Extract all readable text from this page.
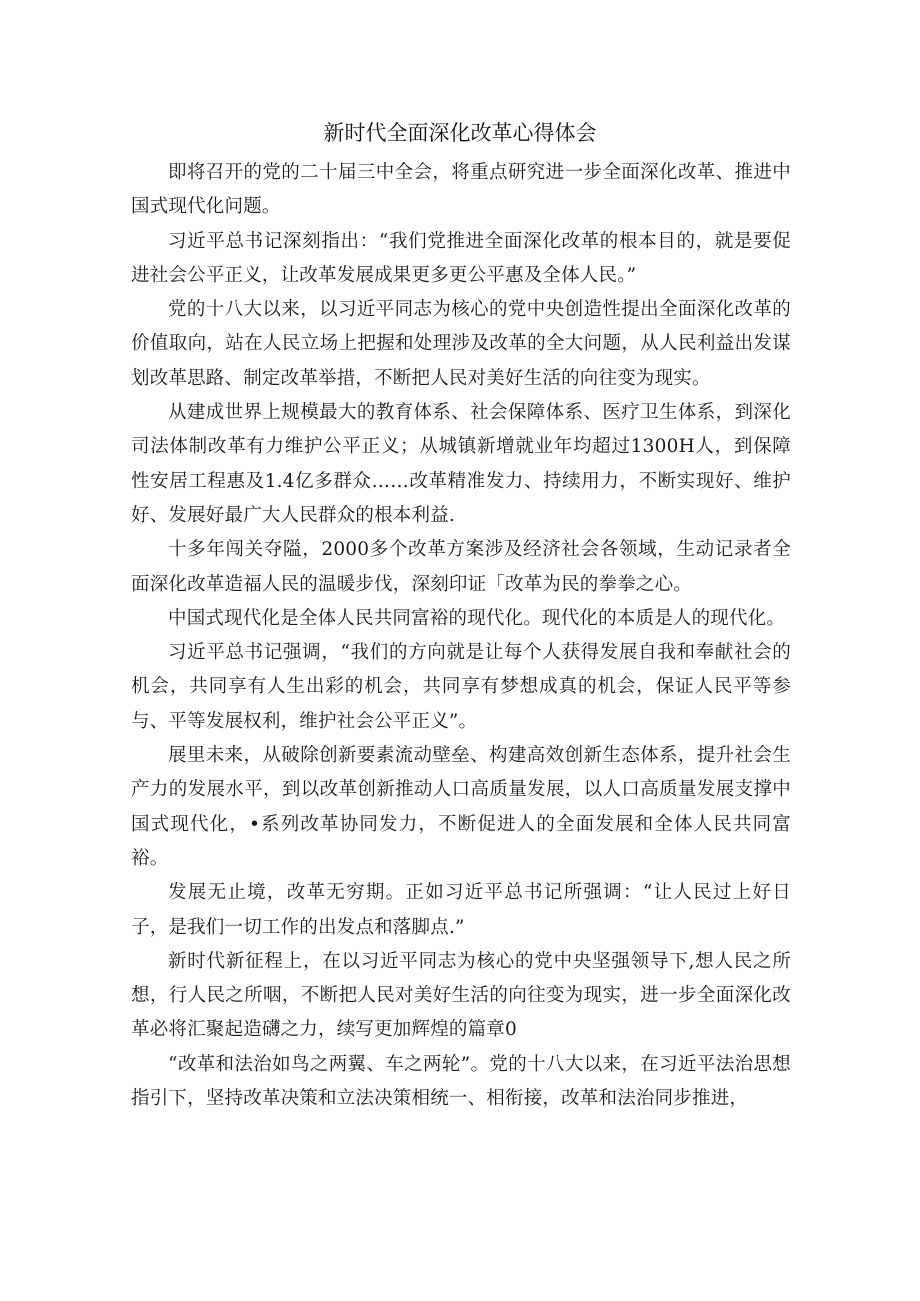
新时代全面深化改革心得体会

即将召开的党的二十届三中全会，将重点研究进一步全面深化改革、推进中国式现代化问题。

习近平总书记深刻指出：“我们党推进全面深化改革的根本目的，就是要促进社会公平正义，让改革发展成果更多更公平惠及全体人民。”

党的十八大以来，以习近平同志为核心的党中央创造性提出全面深化改革的价值取向，站在人民立场上把握和处理涉及改革的全大问题，从人民利益出发谋划改革思路、制定改革举措，不断把人民对美好生活的向往变为现实。

从建成世界上规模最大的教育体系、社会保障体系、医疗卫生体系，到深化司法体制改革有力维护公平正义；从城镇新增就业年均超过1300H人，到保障性安居工程惠及1.4亿多群众……改革精准发力、持续用力，不断实现好、维护好、发展好最广大人民群众的根本利益.

十多年闯关夺隘，2000多个改革方案涉及经济社会各领域，生动记录者全面深化改革造福人民的温暖步伐，深刻印证「改革为民的拳拳之心。

中国式现代化是全体人民共同富裕的现代化。现代化的本质是人的现代化。

习近平总书记强调，“我们的方向就是让每个人获得发展自我和奉献社会的机会，共同享有人生出彩的机会，共同享有梦想成真的机会，保证人民平等参与、平等发展权利，维护社会公平正义”。

展里未来，从破除创新要素流动壁垒、构建高效创新生态体系，提升社会生产力的发展水平，到以改革创新推动人口高质量发展，以人口高质量发展支撑中国式现代化，•系列改革协同发力，不断促进人的全面发展和全体人民共同富裕。

发展无止境，改革无穷期。正如习近平总书记所强调：“让人民过上好日子，是我们一切工作的出发点和落脚点.”

新时代新征程上，在以习近平同志为核心的党中央坚强领导下,想人民之所想，行人民之所咽，不断把人民对美好生活的向往变为现实，进一步全面深化改革必将汇聚起造礴之力，续写更加辉煌的篇章0

“改革和法治如鸟之两翼、车之两轮”。党的十八大以来，在习近平法治思想指引下，坚持改革决策和立法决策相统一、相衔接，改革和法治同步推进，
